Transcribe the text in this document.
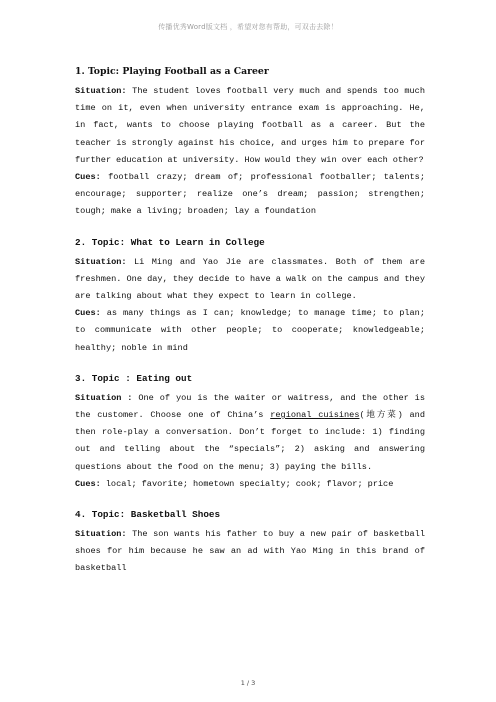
传播优秀Word版文档 ，希望对您有帮助，可双击去除！
1. Topic: Playing Football as a Career

Situation: The student loves football very much and spends too much time on it, even when university entrance exam is approaching. He, in fact, wants to choose playing football as a career. But the teacher is strongly against his choice, and urges him to prepare for further education at university. How would they win over each other?

Cues: football crazy; dream of; professional footballer; talents; encourage; supporter; realize one’s dream; passion; strengthen; tough; make a living; broaden; lay a foundation

2. Topic: What to Learn in College

Situation: Li Ming and Yao Jie are classmates. Both of them are freshmen. One day, they decide to have a walk on the campus and they are talking about what they expect to learn in college.

Cues: as many things as I can; knowledge; to manage time; to plan; to communicate with other people; to cooperate; knowledgeable; healthy; noble in mind

3. Topic : Eating out

Situation : One of you is the waiter or waitress, and the other is the customer. Choose one of China’s regional cuisines(地方菜) and then role-play a conversation. Don’t forget to include: 1) finding out and telling about the “specials”; 2) asking and answering questions about the food on the menu; 3) paying the bills.

Cues: local; favorite; hometown specialty; cook; flavor; price

4. Topic: Basketball Shoes

Situation: The son wants his father to buy a new pair of basketball shoes for him because he saw an ad with Yao Ming in this brand of basketball

1 / 3
